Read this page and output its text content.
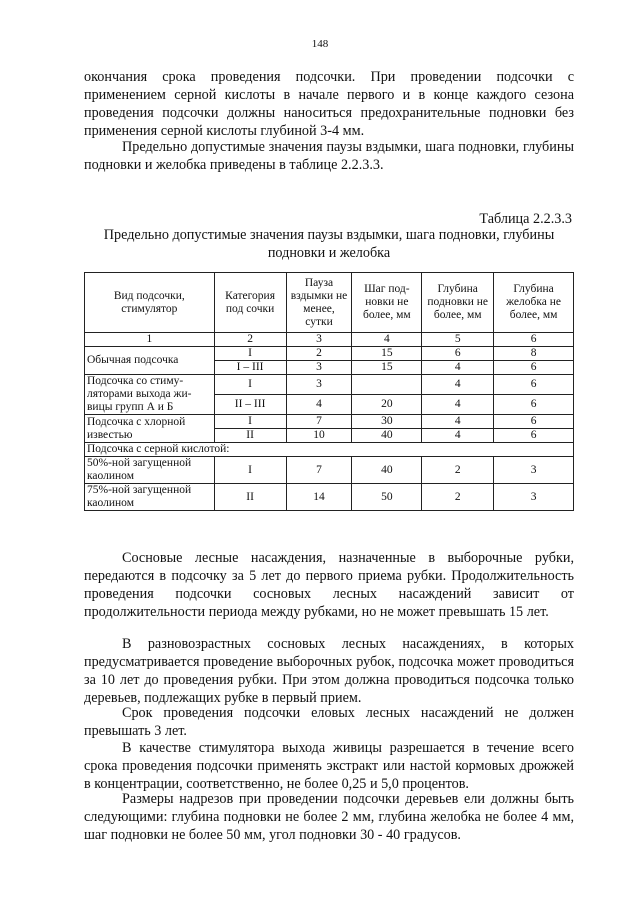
148

окончания срока проведения подсочки. При проведении подсочки с применением серной кислоты в начале первого и в конце каждого сезона проведения подсочки должны наноситься предохранительные подновки без применения серной кислоты глубиной 3-4 мм.

Предельно допустимые значения паузы вздымки, шага подновки, глубины подновки и желобка приведены в таблице 2.2.3.3.

Таблица 2.2.3.3
Предельно допустимые значения паузы вздымки, шага подновки, глубины подновки и желобка
Вид подсочки, стимулятор	Категория под сочки	Пауза вздымки не менее, сутки	Шаг под-новки не более, мм	Глубина подновки не более, мм	Глубина желобка не более, мм
1	2	3	4	5	6
Обычная подсочка	I	2	15	6	8
	I – III	3	15	4	6
Подсочка со стиму-ляторами выхода жи-вицы групп А и Б	I	3		4	6
	II – III	4	20	4	6
Подсочка с хлорной известью	I	7	30	4	6
	II	10	40	4	6
Подсочка с серной кислотой:					
50%-ной загущенной каолином	I	7	40	2	3
75%-ной загущенной каолином	II	14	50	2	3

Сосновые лесные насаждения, назначенные в выборочные рубки, передаются в подсочку за 5 лет до первого приема рубки. Продолжительность проведения подсочки сосновых лесных насаждений зависит от продолжительности периода между рубками, но не может превышать 15 лет.

В разновозрастных сосновых лесных насаждениях, в которых предусматривается проведение выборочных рубок, подсочка может проводиться за 10 лет до проведения рубки. При этом должна проводиться подсочка только деревьев, подлежащих рубке в первый прием.

Срок проведения подсочки еловых лесных насаждений не должен превышать 3 лет.

В качестве стимулятора выхода живицы разрешается в течение всего срока проведения подсочки применять экстракт или настой кормовых дрожжей в концентрации, соответственно, не более 0,25 и 5,0 процентов.

Размеры надрезов при проведении подсочки деревьев ели должны быть следующими: глубина подновки не более 2 мм, глубина желобка не более 4 мм, шаг подновки не более 50 мм, угол подновки 30 - 40 градусов.
